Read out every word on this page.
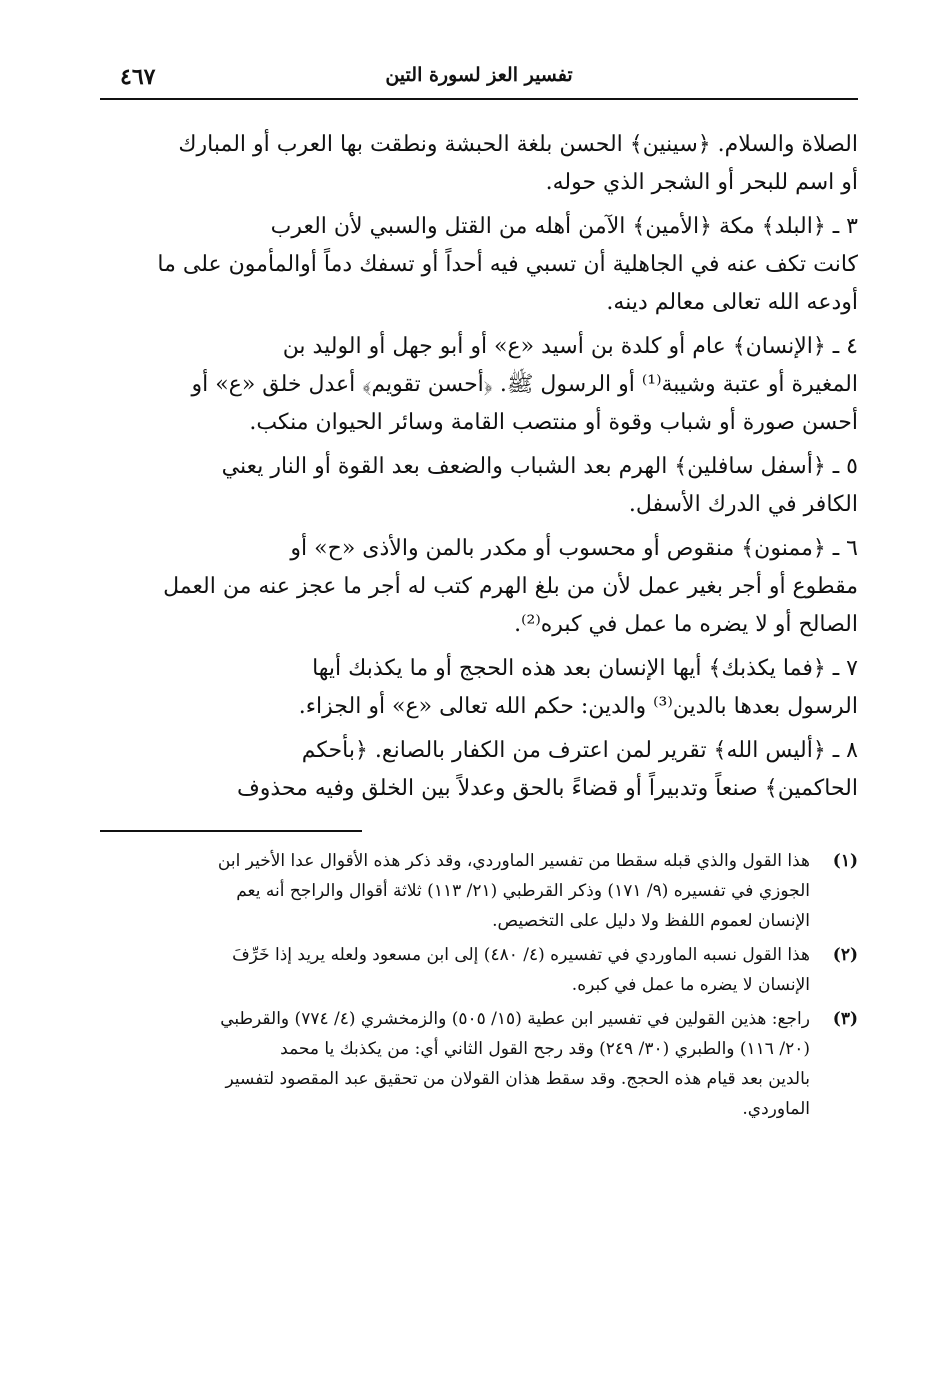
تفسير العز لسورة التين
٤٦٧

الصلاة والسلام. ﴿سينين﴾ الحسن بلغة الحبشة ونطقت بها العرب أو المبارك
أو اسم للبحر أو الشجر الذي حوله.

٣ ـ ﴿البلد﴾ مكة ﴿الأمين﴾ الآمن أهله من القتل والسبي لأن العرب
كانت تكف عنه في الجاهلية أن تسبي فيه أحداً أو تسفك دماً أوالمأمون على ما
أودعه الله تعالى معالم دينه.

٤ ـ ﴿الإنسان﴾ عام أو كلدة بن أسيد «ع» أو أبو جهل أو الوليد بن
المغيرة أو عتبة وشيبة⁽¹⁾ أو الرسول ﷺ. ﴿أحسن تقويم﴾ أعدل خلق «ع» أو
أحسن صورة أو شباب وقوة أو منتصب القامة وسائر الحيوان منكب.

٥ ـ ﴿أسفل سافلين﴾ الهرم بعد الشباب والضعف بعد القوة أو النار يعني
الكافر في الدرك الأسفل.

٦ ـ ﴿ممنون﴾ منقوص أو محسوب أو مكدر بالمن والأذى «ح» أو
مقطوع أو أجر بغير عمل لأن من بلغ الهرم كتب له أجر ما عجز عنه من العمل
الصالح أو لا يضره ما عمل في كبره⁽²⁾.

٧ ـ ﴿فما يكذبك﴾ أيها الإنسان بعد هذه الحجج أو ما يكذبك أيها
الرسول بعدها بالدين⁽³⁾ والدين: حكم الله تعالى «ع» أو الجزاء.

٨ ـ ﴿أليس الله﴾ تقرير لمن اعترف من الكفار بالصانع. ﴿بأحكم
الحاكمين﴾ صنعاً وتدبيراً أو قضاءً بالحق وعدلاً بين الخلق وفيه محذوف

(١)
هذا القول والذي قبله سقطا من تفسير الماوردي، وقد ذكر هذه الأقوال عدا الأخير ابن
الجوزي في تفسيره (٩/ ١٧١) وذكر القرطبي (٢١/ ١١٣) ثلاثة أقوال والراجح أنه يعم
الإنسان لعموم اللفظ ولا دليل على التخصيص.
(٢)
هذا القول نسبه الماوردي في تفسيره (٤/ ٤٨٠) إلى ابن مسعود ولعله يريد إذا خَرِّفَ
الإنسان لا يضره ما عمل في كبره.
(٣)
راجع: هذين القولين في تفسير ابن عطية (١٥/ ٥٠٥) والزمخشري (٤/ ٧٧٤) والقرطبي
(٢٠/ ١١٦) والطبري (٣٠/ ٢٤٩) وقد رجح القول الثاني أي: من يكذبك يا محمد
بالدين بعد قيام هذه الحجج. وقد سقط هذان القولان من تحقيق عبد المقصود لتفسير
الماوردي.
